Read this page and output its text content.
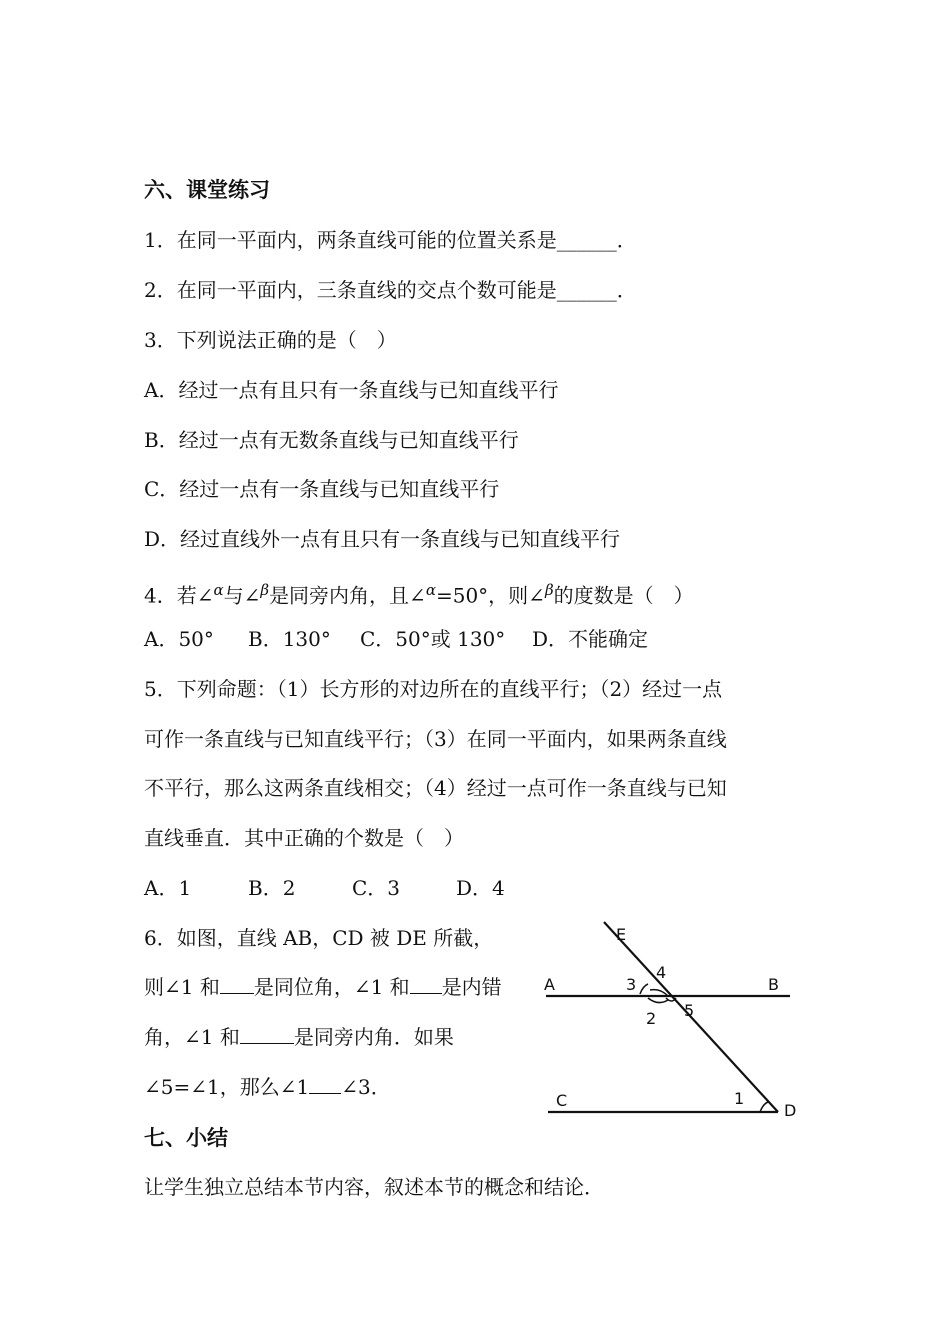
六、课堂练习
1．在同一平面内，两条直线可能的位置关系是______．
2．在同一平面内，三条直线的交点个数可能是______．
3．下列说法正确的是（　）
A．经过一点有且只有一条直线与已知直线平行
B．经过一点有无数条直线与已知直线平行
C．经过一点有一条直线与已知直线平行
D．经过直线外一点有且只有一条直线与已知直线平行
4．若∠$^\alpha$与∠$^\beta$是同旁内角，且∠$^\alpha$=50°，则∠$^\beta$的度数是（　）
A．50° B．130° C．50°或 130° D．不能确定
5．下列命题：（1）长方形的对边所在的直线平行；（2）经过一点
可作一条直线与已知直线平行；（3）在同一平面内，如果两条直线
不平行，那么这两条直线相交；（4）经过一点可作一条直线与已知
直线垂直．其中正确的个数是（　）
A．1	B．2	C．3	D．4
6．如图，直线 AB，CD 被 DE 所截，
则∠1 和 是同位角，∠1 和 是内错
角，∠1 和	是同旁内角．如果
∠5=∠1，那么∠1 ∠3．
E
A	B
C
D
3
4
2 5
1
七、小结
让学生独立总结本节内容，叙述本节的概念和结论．
